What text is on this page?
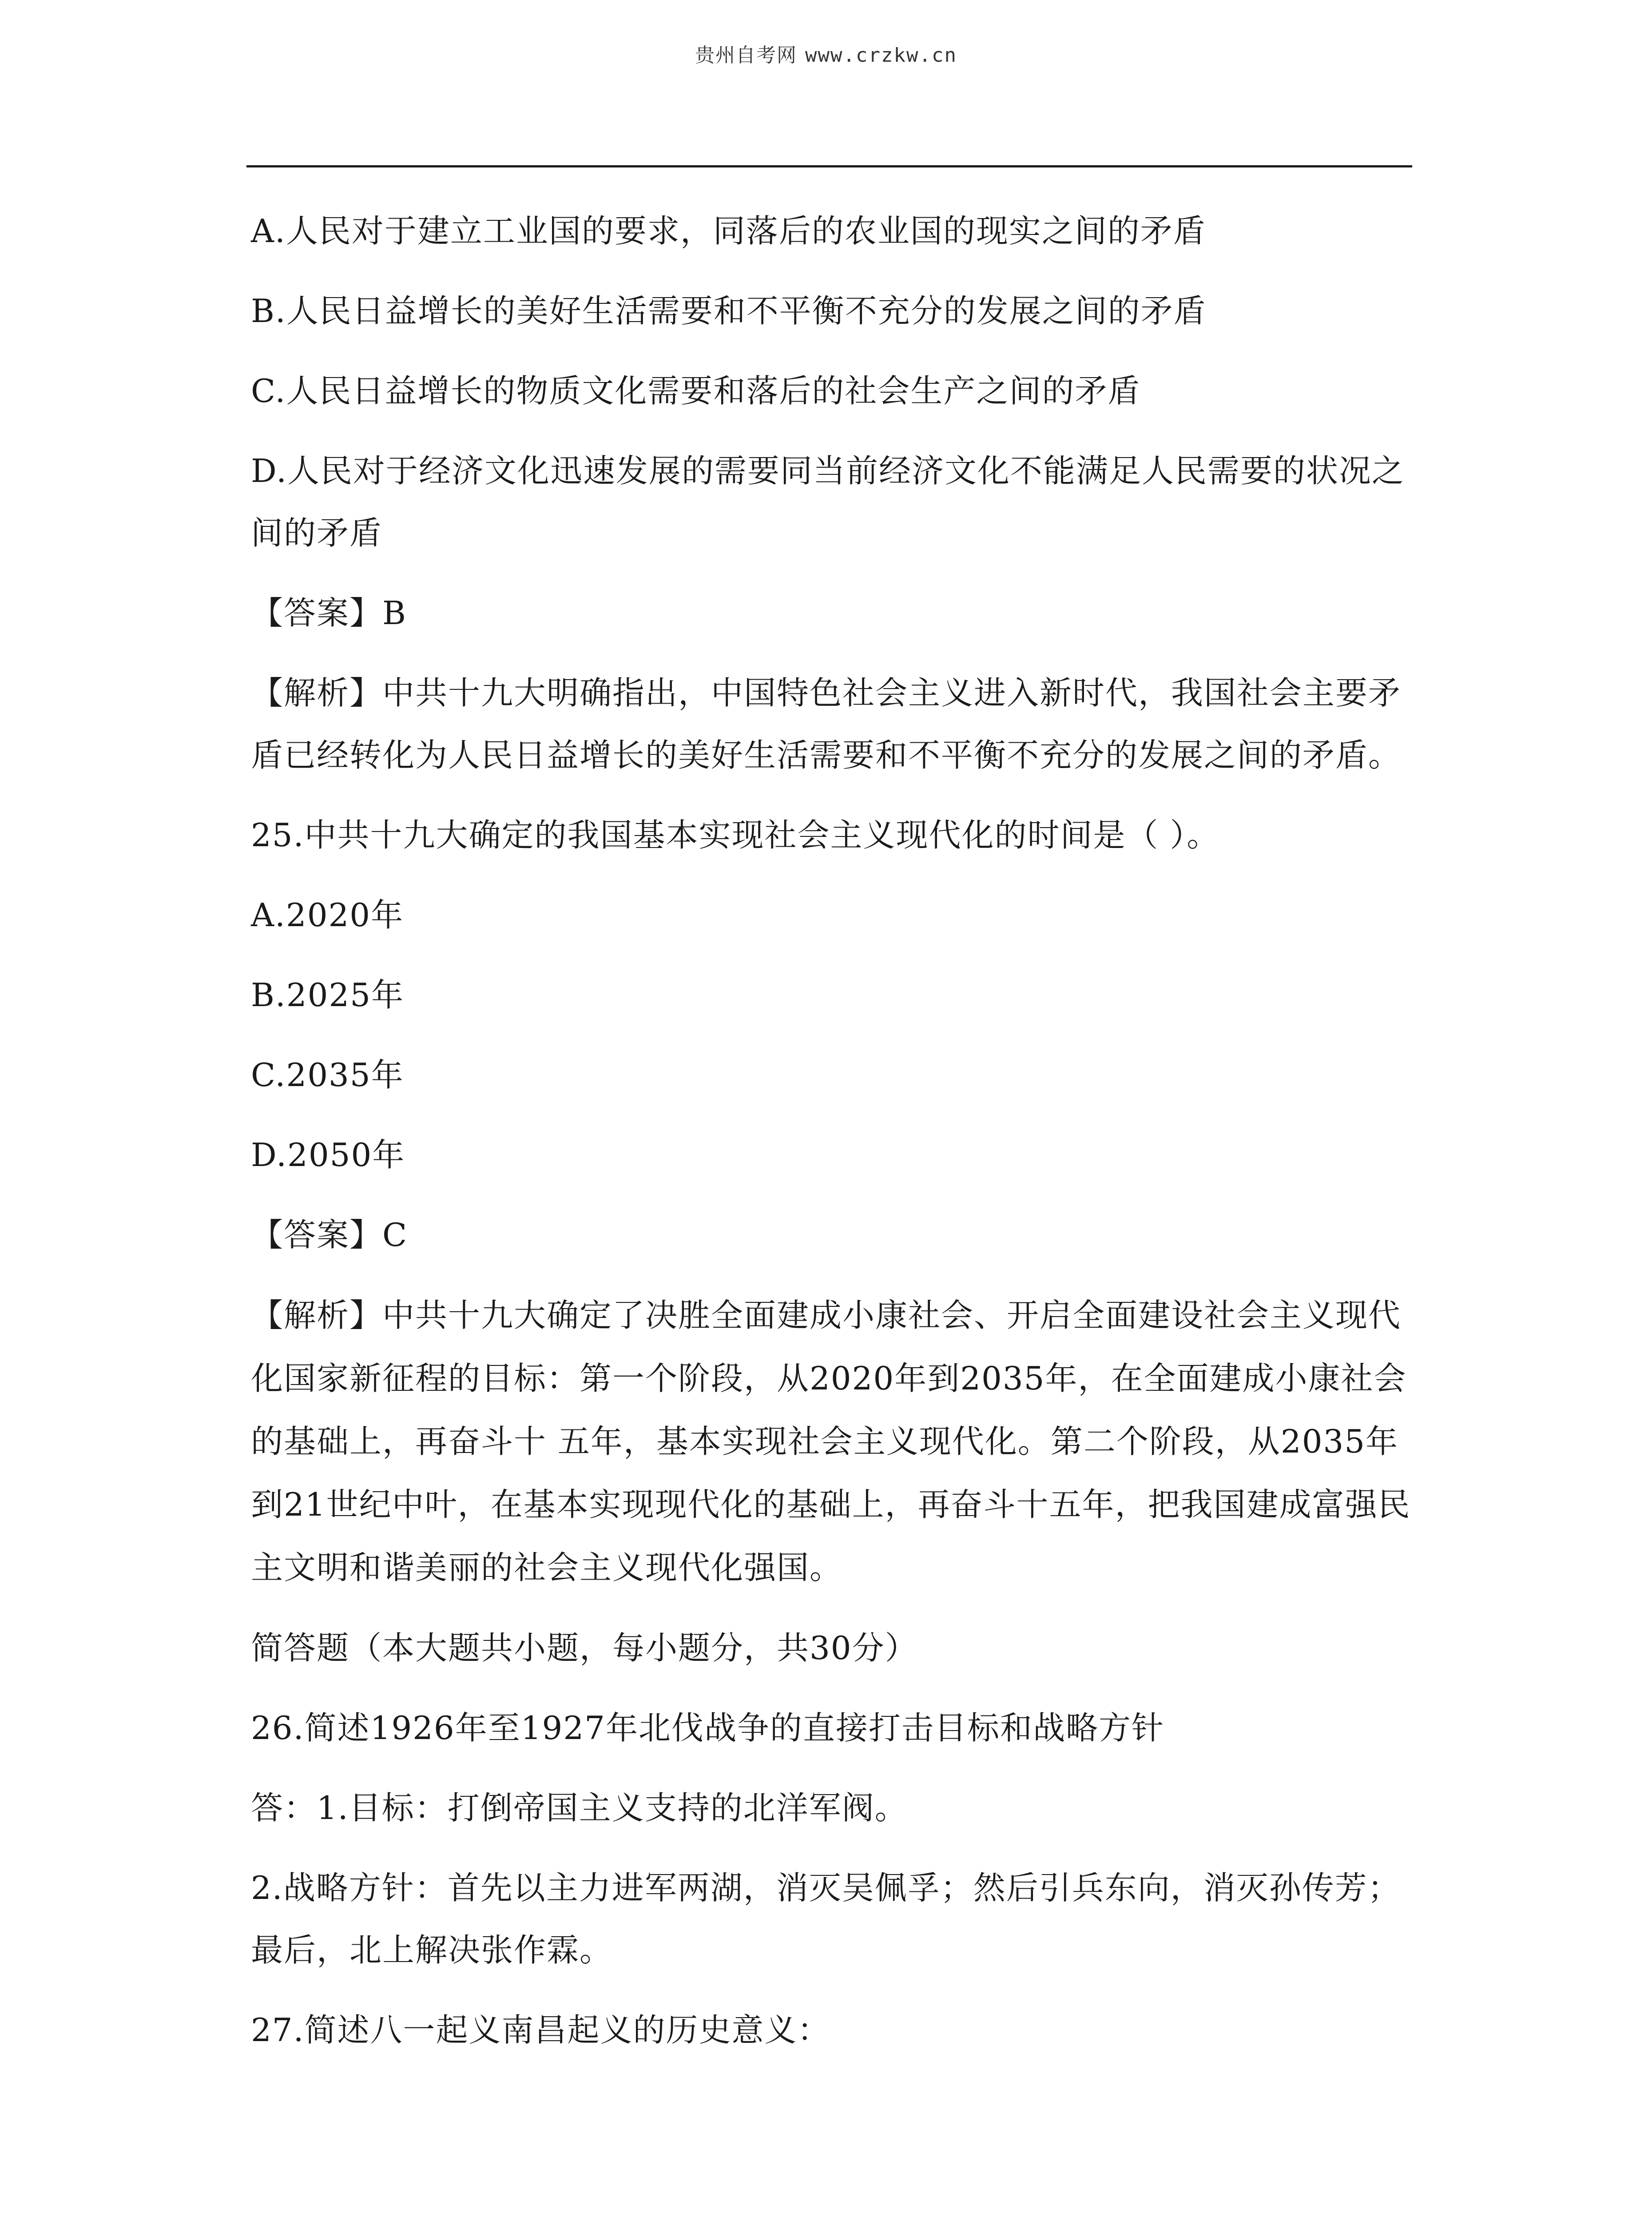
贵州自考网 www.crzkw.cn

A.人民对于建立工业国的要求，同落后的农业国的现实之间的矛盾

B.人民日益增长的美好生活需要和不平衡不充分的发展之间的矛盾

C.人民日益增长的物质文化需要和落后的社会生产之间的矛盾

D.人民对于经济文化迅速发展的需要同当前经济文化不能满足人民需要的状况之间的矛盾

【答案】B

【解析】中共十九大明确指出，中国特色社会主义进入新时代，我国社会主要矛盾已经转化为人民日益增长的美好生活需要和不平衡不充分的发展之间的矛盾。

25.中共十九大确定的我国基本实现社会主义现代化的时间是（ ）。

A.2020年

B.2025年

C.2035年

D.2050年

【答案】C

【解析】中共十九大确定了决胜全面建成小康社会、开启全面建设社会主义现代化国家新征程的目标：第一个阶段，从2020年到2035年，在全面建成小康社会的基础上，再奋斗十 五年，基本实现社会主义现代化。第二个阶段，从2035年到21世纪中叶，在基本实现现代化的基础上，再奋斗十五年，把我国建成富强民主文明和谐美丽的社会主义现代化强国。

简答题（本大题共小题，每小题分，共30分）

26.简述1926年至1927年北伐战争的直接打击目标和战略方针

答：1.目标：打倒帝国主义支持的北洋军阀。

2.战略方针：首先以主力进军两湖，消灭吴佩孚；然后引兵东向，消灭孙传芳；最后，北上解决张作霖。

27.简述八一起义南昌起义的历史意义：
